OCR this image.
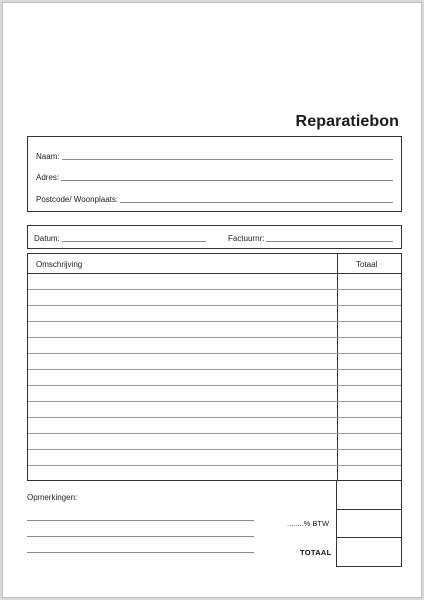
Reparatiebon
Naam:
Adres:
Postcode/ Woonplaats:
Datum:	Factuurnr:
Omschrijving	Totaal
Opmerkingen:
........% BTW
TOTAAL
